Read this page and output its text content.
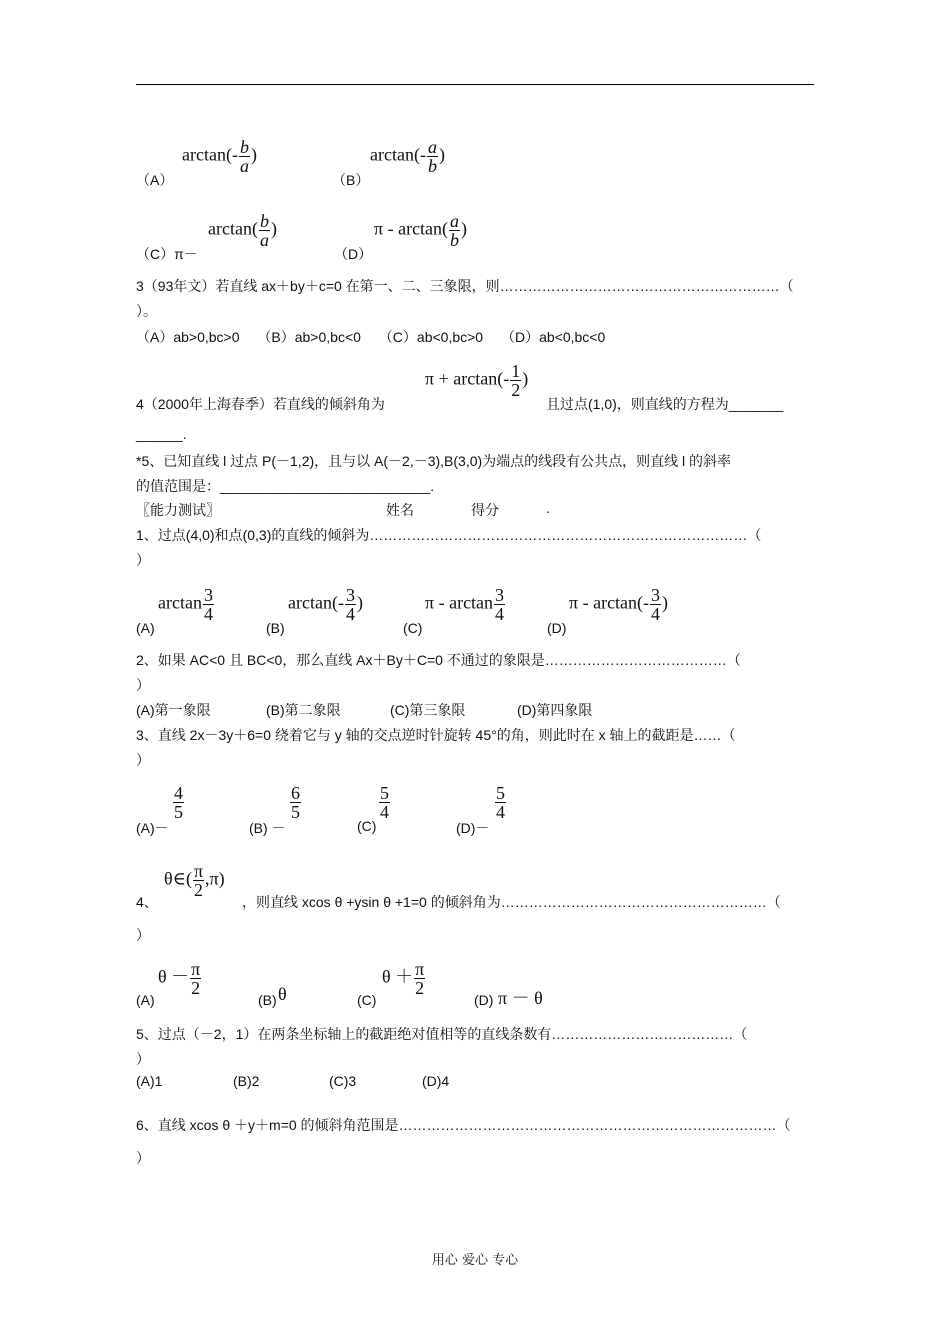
（A）
$\arctan(- \frac{b}{a}$ )
（B）
$\arctan(- \frac{a}{b}$ )
（C）π－
$\arctan( \frac{b}{a}$ )
（D）
π - $\arctan( \frac{a}{b}$ )
3（93年文）若直线 ax＋by＋c=0 在第一、二、三象限，则……………………………………………………（
）。
（A）ab>0,bc>0　 （B）ab>0,bc<0　 （C）ab<0,bc>0　 （D）ab<0,bc<0
4（2000年上海春季）若直线的倾斜角为
$\pi + \arctan(- \frac{1}{2}$ )
且过点(1,0)，则直线的方程为_______
______.
*5、已知直线 l 过点 P(－1,2)，且与以 A(－2,－3),B(3,0)为端点的线段有公共点，则直线 l 的斜率
的值范围是：___________________________.
〖能力测试〗	姓名	得分	.
1、过点(4,0)和点(0,3)的直线的倾斜为………………………………………………………………………（
）
(A)
$\arctan \frac{3}{4}$
(B)
$\arctan(- \frac{3}{4}$ )
(C)
π - $\arctan \frac{3}{4}$
(D)
π - $\arctan(- \frac{3}{4}$ )
2、如果 AC<0 且 BC<0，那么直线 Ax＋By＋C=0 不通过的象限是…………………………………（
）
(A)第一象限	(B)第二象限	(C)第三象限	(D)第四象限
3、直线 2x－3y＋6=0 绕着它与 y 轴的交点逆时针旋转 45°的角，则此时在 x 轴上的截距是……（
）
(A)－
$\frac{4}{5}$
(B) －
$\frac{6}{5}$
(C)
$\frac{5}{4}$
(D)－
$\frac{5}{4}$
4、
θ∈( $\frac{\pi}{2} ,\pi$)
，则直线 xcos θ +ysin θ +1=0 的倾斜角为…………………………………………………（
）
(A)
$\theta - \frac{\pi}{2}$
(B) θ	(C)
$\theta + \frac{\pi}{2}$
(D) π － θ
5、过点（－2，1）在两条坐标轴上的截距绝对值相等的直线条数有…………………………………（
）
(A)1	(B)2	(C)3	(D)4
6、直线 xcos θ ＋y＋m=0 的倾斜角范围是………………………………………………………………………（
）
用心 爱心 专心
